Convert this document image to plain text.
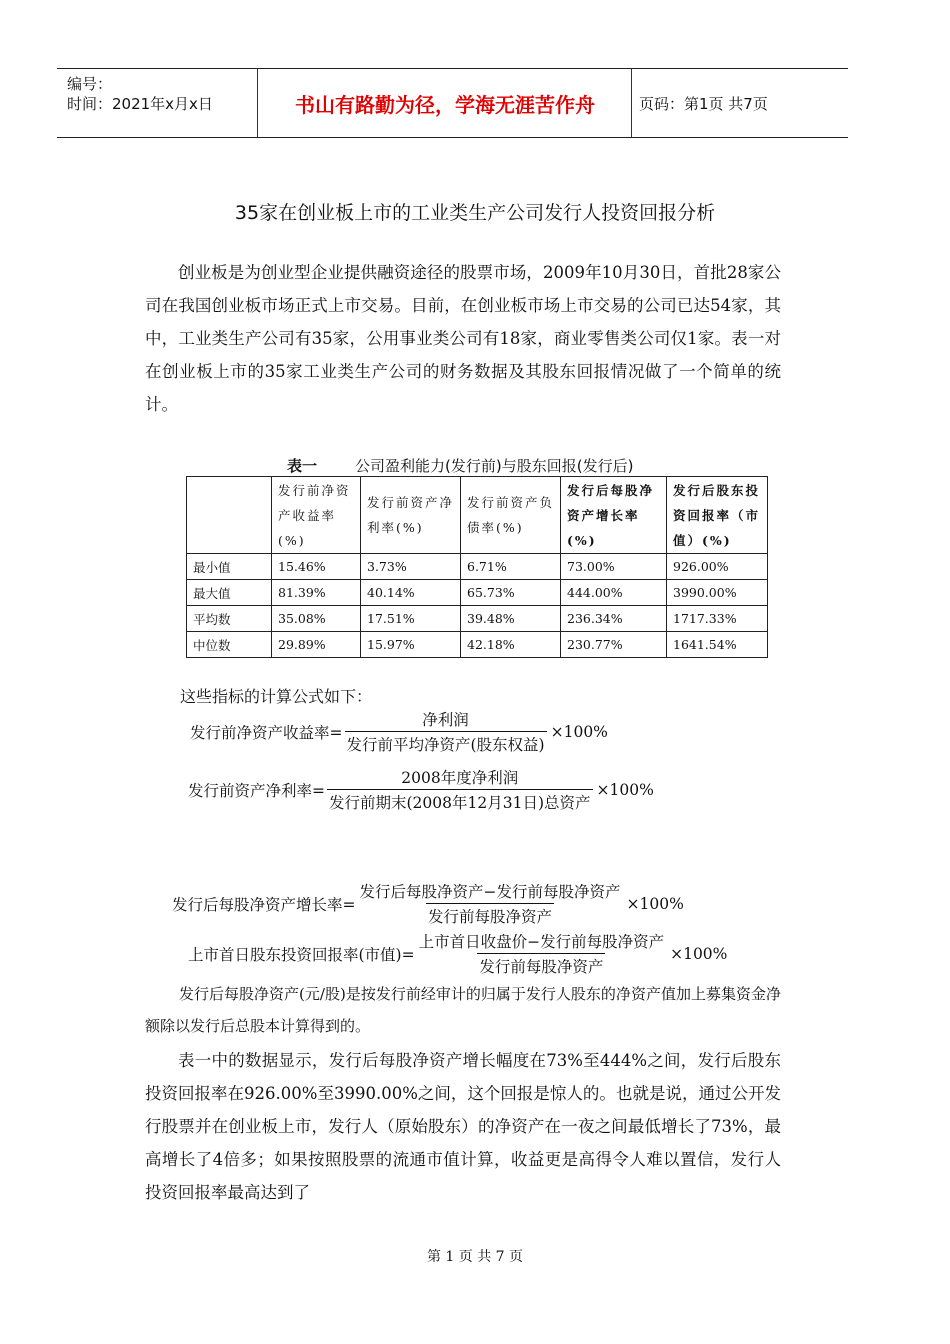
编号：
时间：2021年x月x日	书山有路勤为径，学海无涯苦作舟	页码：第1页 共7页
35家在创业板上市的工业类生产公司发行人投资回报分析
创业板是为创业型企业提供融资途径的股票市场，2009年10月30日，首批28家公司在我国创业板市场正式上市交易。目前，在创业板市场上市交易的公司已达54家，其中，工业类生产公司有35家，公用事业类公司有18家，商业零售类公司仅1家。表一对在创业板上市的35家工业类生产公司的财务数据及其股东回报情况做了一个简单的统计。
表一	公司盈利能力(发行前)与股东回报(发行后)
	发行前净资产收益率(%)	发行前资产净利率(%)	发行前资产负债率(%)	发行后每股净资产增长率(%)	发行后股东投资回报率（市值）(%)
最小值	15.46%	3.73%	6.71%	73.00%	926.00%
最大值	81.39%	40.14%	65.73%	444.00%	3990.00%
平均数	35.08%	17.51%	39.48%	236.34%	1717.33%
中位数	29.89%	15.97%	42.18%	230.77%	1641.54%
这些指标的计算公式如下：
发行前净资产收益率= $\frac{\text{净利润}}{\text{发行前平均净资产(股东权益)}} \times 100\%$
发行前资产净利率= $\frac{\text{2008年度净利润}}{\text{发行前期末(2008年12月31日)总资产}} \times 100\%$
发行后每股净资产增长率= $\frac{\text{发行后每股净资产−发行前每股净资产}}{\text{发行前每股净资产}} \times 100\%$
上市首日股东投资回报率(市值)= $\frac{\text{上市首日收盘价−发行前每股净资产}}{\text{发行前每股净资产}} \times 100\%$
发行后每股净资产(元/股)是按发行前经审计的归属于发行人股东的净资产值加上募集资金净额除以发行后总股本计算得到的。
表一中的数据显示，发行后每股净资产增长幅度在73%至444%之间，发行后股东投资回报率在926.00%至3990.00%之间，这个回报是惊人的。也就是说，通过公开发行股票并在创业板上市，发行人（原始股东）的净资产在一夜之间最低增长了73%，最高增长了4倍多；如果按照股票的流通市值计算，收益更是高得令人难以置信，发行人投资回报率最高达到了
第 1 页 共 7 页
